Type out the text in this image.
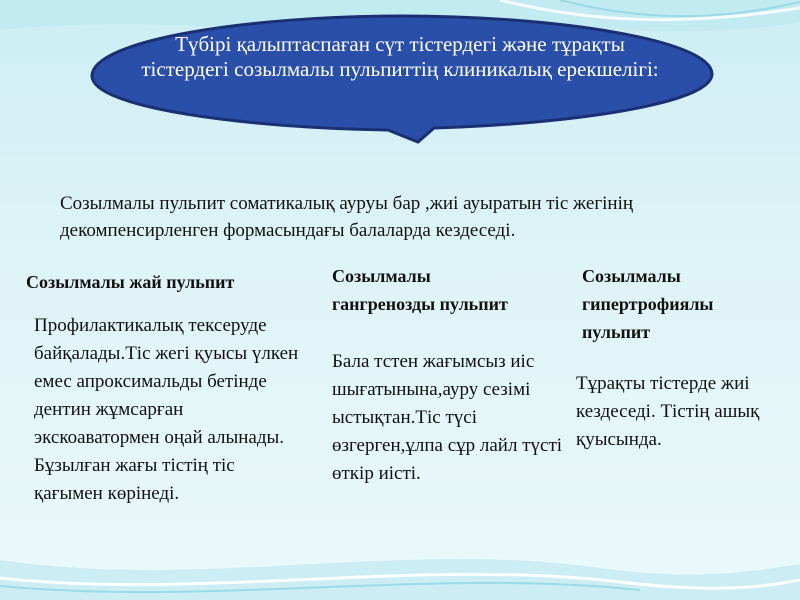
Түбірі қалыптаспаған сүт тістердегі және тұрақты тістердегі созылмалы пульпиттің клиникалық ерекшелігі:
Созылмалы пульпит соматикалық ауруы бар ,жиі ауыратын тіс жегінің декомпенсирленген формасындағы балаларда кездеседі.
Созылмалы жай пульпит

Профилактикалық тексеруде байқалады.Тіс жегі қуысы үлкен емес апроксимальды бетінде дентин жұмсарған экскоаватормен оңай алынады.

Бұзылған жағы тістің тіс қағымен көрінеді.

Созылмалы гангренозды пульпит

Бала тстен жағымсыз иіс шығатынына,ауру сезімі ыстықтан.Тіс түсі өзгерген,ұлпа сұр лайл түсті өткір иісті.

Созылмалы гипертрофиялы пульпит

Тұрақты тістерде жиі кездеседі. Тістің ашық қуысында.
